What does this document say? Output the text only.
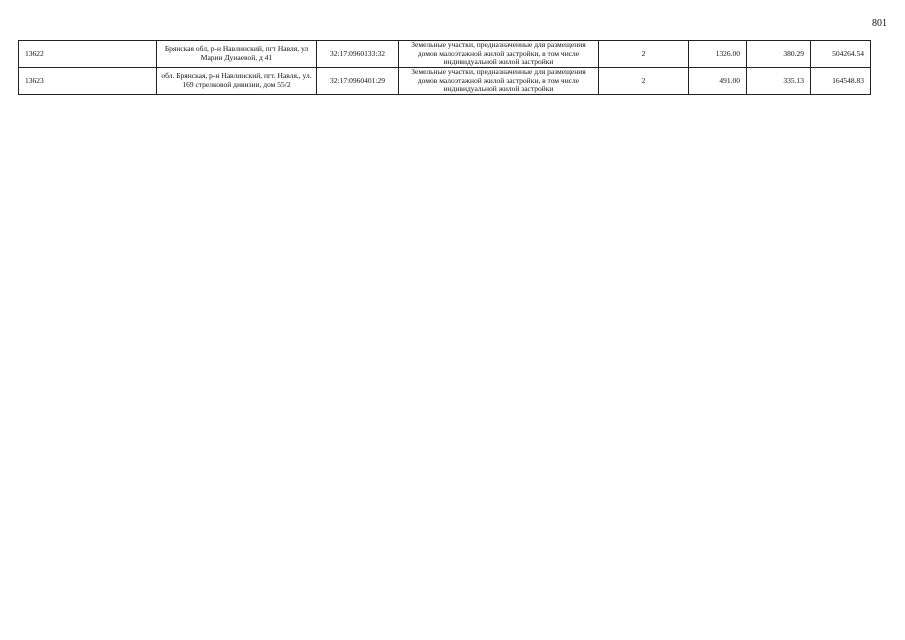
801
13622	Брянская обл, р-н Навлинский, пгт Навля, ул Марии Дунаевой, д 41	32:17:0960133:32	Земельные участки, предназначенные для размещения домов малоэтажной жилой застройки, в том числе индивидуальной жилой застройки	2	1326.00	380.29	504264.54
13623	обл. Брянская, р-н Навлинский, пгт. Навля., ул. 169 стрелковой дивизии, дом 55/2	32:17:0960401:29	Земельные участки, предназначенные для размещения домов малоэтажной жилой застройки, в том числе индивидуальной жилой застройки	2	491.00	335.13	164548.83
